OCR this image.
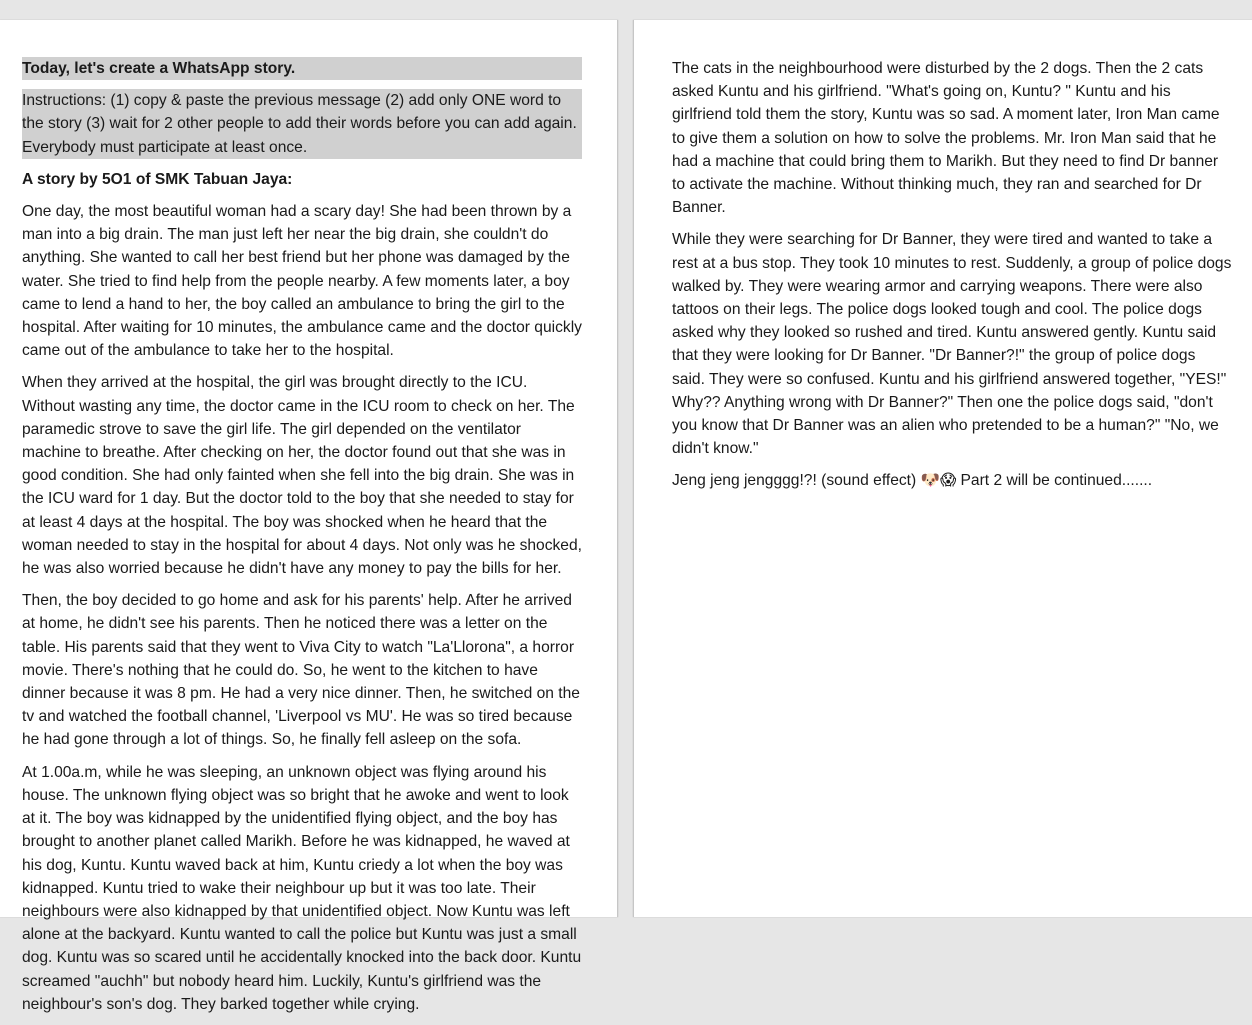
Today, let's create a WhatsApp story.

Instructions: (1) copy & paste the previous message (2) add only ONE word to the story (3) wait for 2 other people to add their words before you can add again. Everybody must participate at least once.

A story by 5O1 of SMK Tabuan Jaya:

One day, the most beautiful woman had a scary day! She had been thrown by a man into a big drain. The man just left her near the big drain, she couldn't do anything. She wanted to call her best friend but her phone was damaged by the water. She tried to find help from the people nearby. A few moments later, a boy came to lend a hand to her, the boy called an ambulance to bring the girl to the hospital. After waiting for 10 minutes, the ambulance came and the doctor quickly came out of the ambulance to take her to the hospital.

When they arrived at the hospital, the girl was brought directly to the ICU. Without wasting any time, the doctor came in the ICU room to check on her. The paramedic strove to save the girl life. The girl depended on the ventilator machine to breathe. After checking on her, the doctor found out that she was in good condition. She had only fainted when she fell into the big drain. She was in the ICU ward for 1 day. But the doctor told to the boy that she needed to stay for at least 4 days at the hospital. The boy was shocked when he heard that the woman needed to stay in the hospital for about 4 days. Not only was he shocked, he was also worried because he didn't have any money to pay the bills for her.

Then, the boy decided to go home and ask for his parents' help. After he arrived at home, he didn't see his parents. Then he noticed there was a letter on the table. His parents said that they went to Viva City to watch "La'Llorona", a horror movie. There's nothing that he could do. So, he went to the kitchen to have dinner because it was 8 pm. He had a very nice dinner. Then, he switched on the tv and watched the football channel, 'Liverpool vs MU'. He was so tired because he had gone through a lot of things. So, he finally fell asleep on the sofa.

At 1.00a.m, while he was sleeping, an unknown object was flying around his house. The unknown flying object was so bright that he awoke and went to look at it. The boy was kidnapped by the unidentified flying object, and the boy has brought to another planet called Marikh. Before he was kidnapped, he waved at his dog, Kuntu. Kuntu waved back at him, Kuntu criedy a lot when the boy was kidnapped. Kuntu tried to wake their neighbour up but it was too late. Their neighbours were also kidnapped by that unidentified object. Now Kuntu was left alone at the backyard. Kuntu wanted to call the police but Kuntu was just a small dog. Kuntu was so scared until he accidentally knocked into the back door. Kuntu screamed "auchh" but nobody heard him. Luckily, Kuntu's girlfriend was the neighbour's son's dog. They barked together while crying.

The cats in the neighbourhood were disturbed by the 2 dogs. Then the 2 cats asked Kuntu and his girlfriend. "What's going on, Kuntu? " Kuntu and his girlfriend told them the story, Kuntu was so sad. A moment later, Iron Man came to give them a solution on how to solve the problems. Mr. Iron Man said that he had a machine that could bring them to Marikh. But they need to find Dr banner to activate the machine. Without thinking much, they ran and searched for Dr Banner.

While they were searching for Dr Banner, they were tired and wanted to take a rest at a bus stop. They took 10 minutes to rest. Suddenly, a group of police dogs walked by. They were wearing armor and carrying weapons. There were also tattoos on their legs. The police dogs looked tough and cool. The police dogs asked why they looked so rushed and tired. Kuntu answered gently. Kuntu said that they were looking for Dr Banner. "Dr Banner?!" the group of police dogs said. They were so confused. Kuntu and his girlfriend answered together, "YES!" Why?? Anything wrong with Dr Banner?" Then one the police dogs said, "don't you know that Dr Banner was an alien who pretended to be a human?" "No, we didn't know."

Jeng jeng jengggg!?! (sound effect) 🐶😱 Part 2 will be continued.......
